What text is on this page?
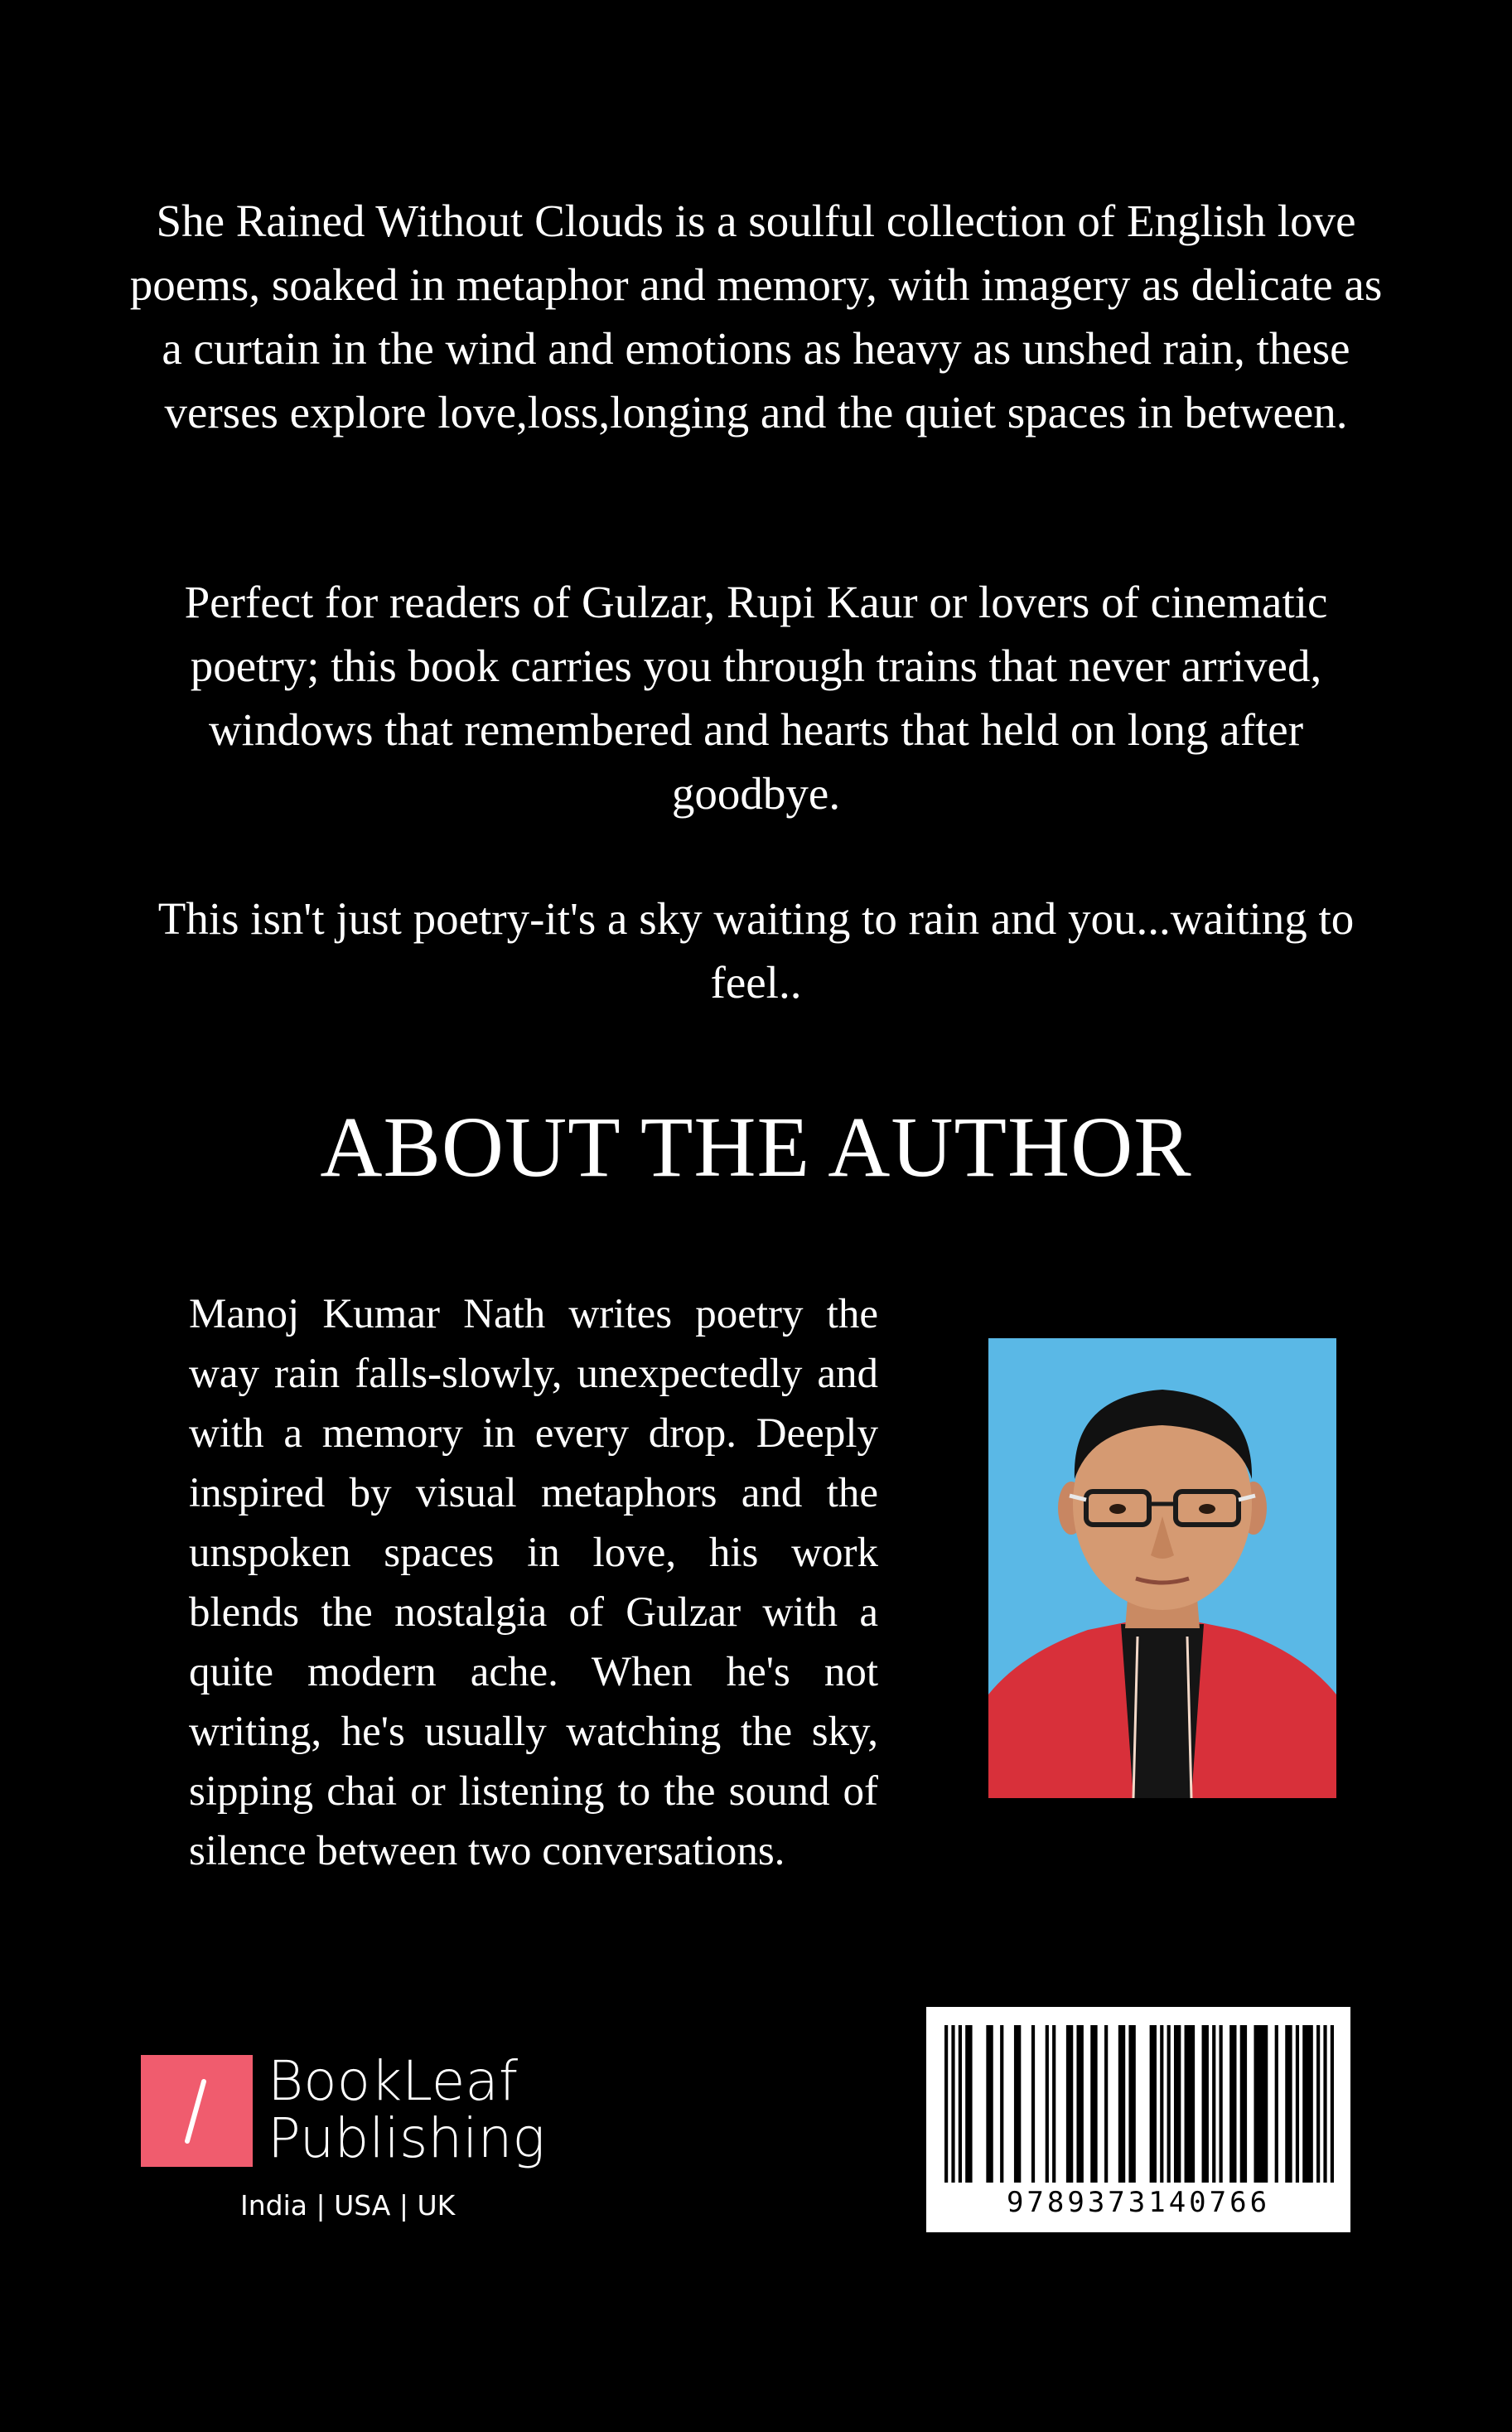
She Rained Without Clouds is a soulful collection of English love poems, soaked in metaphor and memory, with imagery as delicate as a curtain in the wind and emotions as heavy as unshed rain, these verses explore love,loss,longing and the quiet spaces in between.

Perfect for readers of Gulzar, Rupi Kaur or lovers of cinematic poetry; this book carries you through trains that never arrived, windows that remembered and hearts that held on long after goodbye.

This isn't just poetry-it's a sky waiting to rain and you...waiting to feel..

ABOUT THE AUTHOR

Manoj Kumar Nath writes poetry the way rain falls-slowly, unexpectedly and with a memory in every drop. Deeply inspired by visual metaphors and the unspoken spaces in love, his work blends the nostalgia of Gulzar with a quite modern ache. When he's not writing, he's usually watching the sky, sipping chai or listening to the sound of silence between two conversations.

BookLeaf
Publishing
India | USA | UK	9789373140766
